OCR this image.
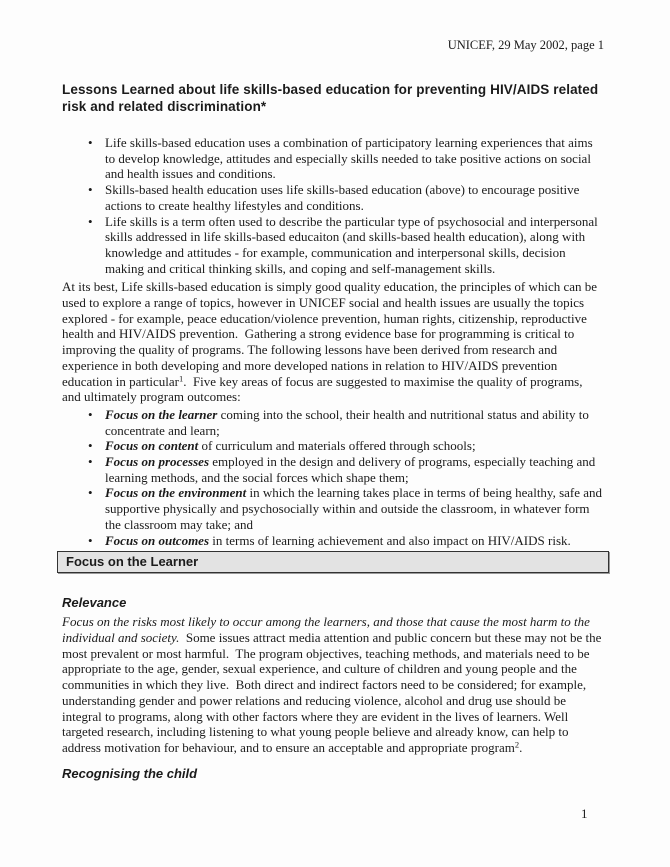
UNICEF, 29 May 2002, page 1
Lessons Learned about life skills-based education for preventing HIV/AIDS related risk and related discrimination*
• Life skills-based education uses a combination of participatory learning experiences that aims to develop knowledge, attitudes and especially skills needed to take positive actions on social and health issues and conditions.
• Skills-based health education uses life skills-based education (above) to encourage positive actions to create healthy lifestyles and conditions.
• Life skills is a term often used to describe the particular type of psychosocial and interpersonal skills addressed in life skills-based educaiton (and skills-based health education), along with knowledge and attitudes - for example, communication and interpersonal skills, decision making and critical thinking skills, and coping and self-management skills.

At its best, Life skills-based education is simply good quality education, the principles of which can be used to explore a range of topics, however in UNICEF social and health issues are usually the topics explored - for example, peace education/violence prevention, human rights, citizenship, reproductive health and HIV/AIDS prevention.  Gathering a strong evidence base for programming is critical to improving the quality of programs. The following lessons have been derived from research and experience in both developing and more developed nations in relation to HIV/AIDS prevention education in particular$^1$.  Five key areas of focus are suggested to maximise the quality of programs, and ultimately program outcomes:

• Focus on the learner coming into the school, their health and nutritional status and ability to concentrate and learn;
• Focus on content of curriculum and materials offered through schools;
• Focus on processes employed in the design and delivery of programs, especially teaching and learning methods, and the social forces which shape them;
• Focus on the environment in which the learning takes place in terms of being healthy, safe and supportive physically and psychosocially within and outside the classroom, in whatever form the classroom may take; and
• Focus on outcomes in terms of learning achievement and also impact on HIV/AIDS risk.
Focus on the Learner
Relevance

Focus on the risks most likely to occur among the learners, and those that cause the most harm to the individual and society.  Some issues attract media attention and public concern but these may not be the most prevalent or most harmful.  The program objectives, teaching methods, and materials need to be appropriate to the age, gender, sexual experience, and culture of children and young people and the communities in which they live.  Both direct and indirect factors need to be considered; for example, understanding gender and power relations and reducing violence, alcohol and drug use should be integral to programs, along with other factors where they are evident in the lives of learners. Well targeted research, including listening to what young people believe and already know, can help to address motivation for behaviour, and to ensure an acceptable and appropriate program$^2$.

Recognising the child
1
